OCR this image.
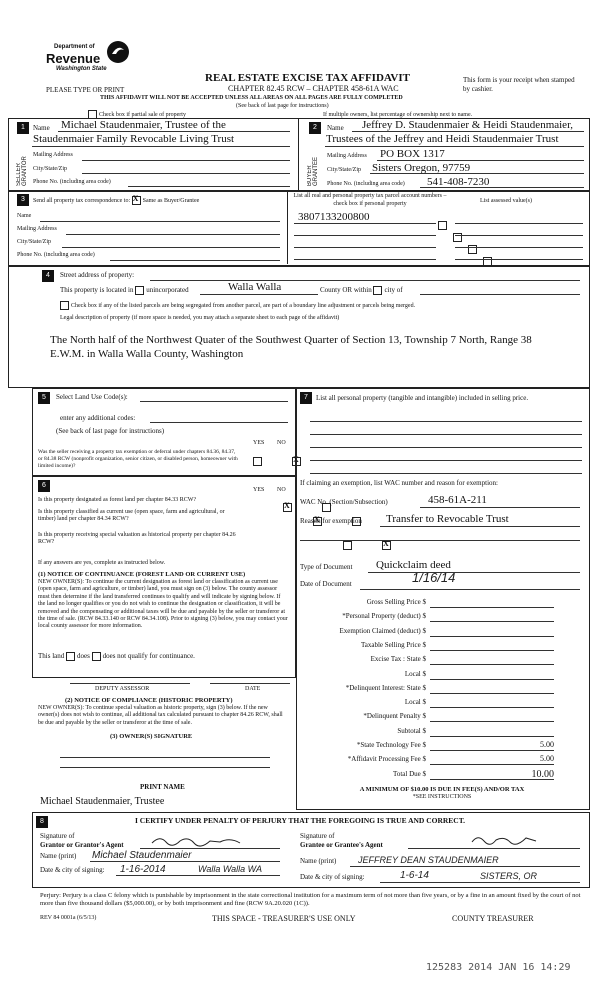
Department of
Revenue
Washington State
PLEASE TYPE OR PRINT
REAL ESTATE EXCISE TAX AFFIDAVIT
CHAPTER 82.45 RCW – CHAPTER 458-61A WAC
This form is your receipt when stamped by cashier.
THIS AFFIDAVIT WILL NOT BE ACCEPTED UNLESS ALL AREAS ON ALL PAGES ARE FULLY COMPLETED
(See back of last page for instructions)
Check box if partial sale of property	If multiple owners, list percentage of ownership next to name.
1
SELLER GRANTOR
Name Michael Staudenmaier, Trustee of the
Staudenmaier Family Revocable Living Trust
Mailing Address
City/State/Zip
Phone No. (including area code)
2
BUYER GRANTEE
Name Jeffrey D. Staudenmaier & Heidi Staudenmaier,
Trustees of the Jeffrey and Heidi Staudenmaier Trust
Mailing Address PO BOX 1317
City/State/Zip Sisters Oregon, 97759
Phone No. (including area code) 541-408-7230
3	Send all property tax correspondence to: X Same as Buyer/Grantee
Name
Mailing Address
City/State/Zip
Phone No. (including area code)
List all real and personal property tax parcel account numbers – check box if personal property	List assessed value(s)
3807133200800

4	Street address of property:
This property is located in unincorporated	Walla Walla	County OR within city of
Check box if any of the listed parcels are being segregated from another parcel, are part of a boundary line adjustment or parcels being merged.
Legal description of property (if more space is needed, you may attach a separate sheet to each page of the affidavit)
The North half of the Northwest Quater of the Southwest Quarter of Section 13, Township 7 North, Range 38
E.W.M. in Walla Walla County, Washington
5	Select Land Use Code(s):
enter any additional codes:
(See back of last page for instructions)
YES NO
Was the seller receiving a property tax exemption or deferral under chapters 84.36, 84.37, or 84.38 RCW (nonprofit organization, senior citizen, or disabled person, homeowner with limited income)?
X
6
YES NO
Is this property designated as forest land per chapter 84.33 RCW?
X
Is this property classified as current use (open space, farm and agricultural, or timber) land per chapter 84.34 RCW?
X
Is this property receiving special valuation as historical property per chapter 84.26 RCW?
X
If any answers are yes, complete as instructed below.
(1) NOTICE OF CONTINUANCE (FOREST LAND OR CURRENT USE)
NEW OWNER(S): To continue the current designation as forest land or classification as current use (open space, farm and agriculture, or timber) land, you must sign on (3) below. The county assessor must then determine if the land transferred continues to qualify and will indicate by signing below. If the land no longer qualifies or you do not wish to continue the designation or classification, it will be removed and the compensating or additional taxes will be due and payable by the seller or transferor at the time of sale. (RCW 84.33.140 or RCW 84.34.108). Prior to signing (3) below, you may contact your local county assessor for more information.
This land does does not qualify for continuance.
DEPUTY ASSESSOR	DATE
(2) NOTICE OF COMPLIANCE (HISTORIC PROPERTY)
NEW OWNER(S): To continue special valuation as historic property, sign (3) below. If the new owner(s) does not wish to continue, all additional tax calculated pursuant to chapter 84.26 RCW, shall be due and payable by the seller or transferor at the time of sale.
(3) OWNER(S) SIGNATURE
PRINT NAME
Michael Staudenmaier, Trustee
7	List all personal property (tangible and intangible) included in selling price.
If claiming an exemption, list WAC number and reason for exemption:
WAC No. (Section/Subsection)	458-61A-211
Reason for exemption Transfer to Revocable Trust
Type of Document Quickclaim deed
Date of Document	1/16/14
Gross Selling Price $
*Personal Property (deduct) $
Exemption Claimed (deduct) $
Taxable Selling Price $
Excise Tax : State $
Local $
*Delinquent Interest: State $
Local $
*Delinquent Penalty $
Subtotal $
*State Technology Fee $	5.00
*Affidavit Processing Fee $	5.00
Total Due $	10.00
A MINIMUM OF $10.00 IS DUE IN FEE(S) AND/OR TAX
*SEE INSTRUCTIONS
8	I CERTIFY UNDER PENALTY OF PERJURY THAT THE FOREGOING IS TRUE AND CORRECT.
Signature of
Grantor or Grantor's Agent
Name (print) Michael Staudenmaier
Date & city of signing: 1-16-2014	Walla Walla WA
Signature of
Grantee or Grantee's Agent
Name (print) JEFFREY DEAN STAUDENMAIER
Date & city of signing:	1-6-14	SISTERS, OR
Perjury: Perjury is a class C felony which is punishable by imprisonment in the state correctional institution for a maximum term of not more than five years, or by a fine in an amount fixed by the court of not more than five thousand dollars ($5,000.00), or by both imprisonment and fine (RCW 9A.20.020 (1C)).
REV 84 0001a (6/5/13)	THIS SPACE - TREASURER'S USE ONLY	COUNTY TREASURER
125283 2014 JAN 16 14:29
